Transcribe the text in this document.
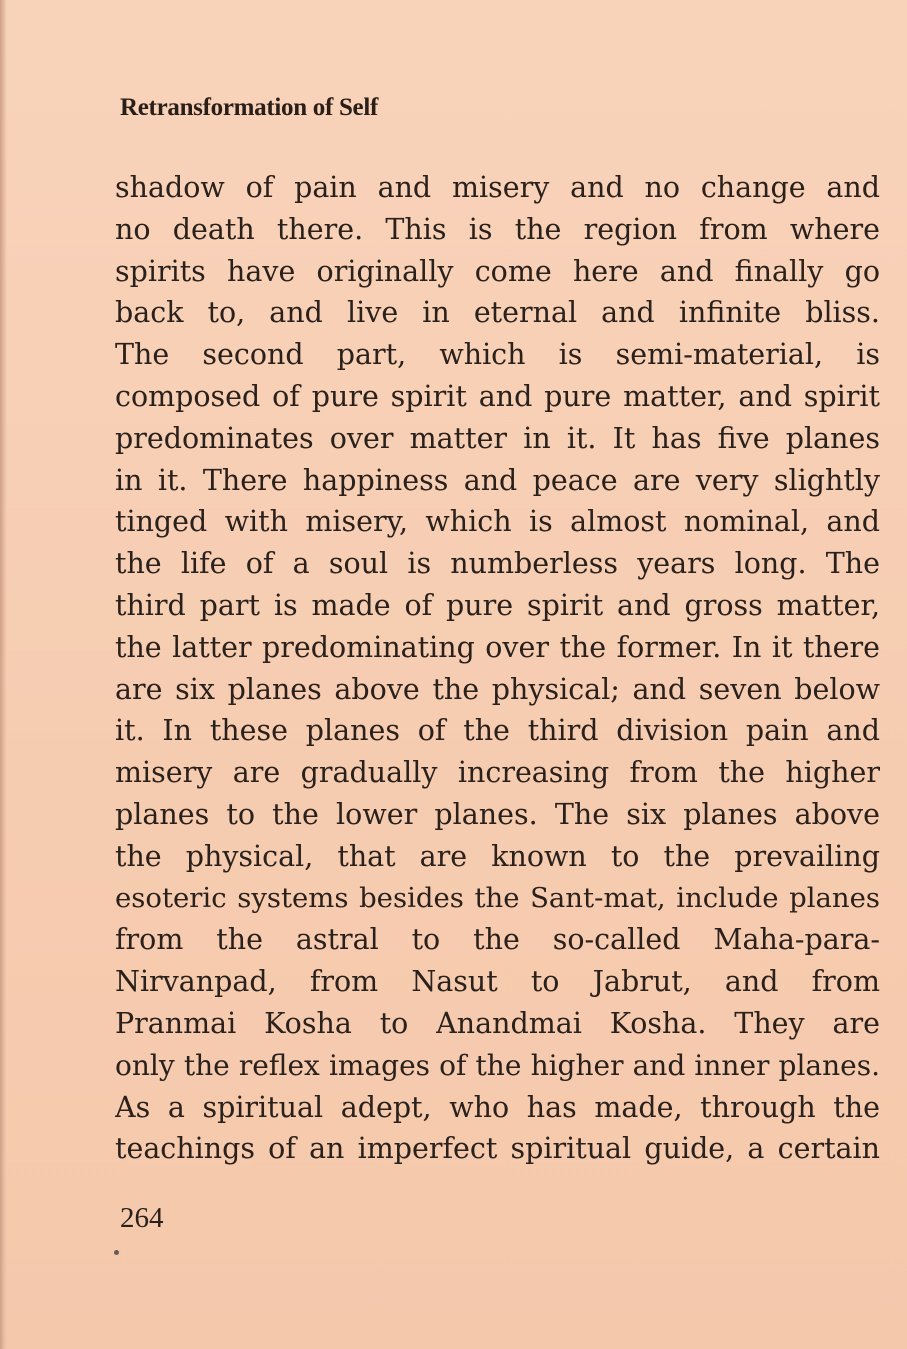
Retransformation of Self
shadow of pain and misery and no change and
no death there. This is the region from where
spirits have originally come here and finally go
back to, and live in eternal and infinite bliss.
The second part, which is semi-material, is
composed of pure spirit and pure matter, and spirit
predominates over matter in it. It has five planes
in it. There happiness and peace are very slightly
tinged with misery, which is almost nominal, and
the life of a soul is numberless years long. The
third part is made of pure spirit and gross matter,
the latter predominating over the former. In it there
are six planes above the physical; and seven below
it. In these planes of the third division pain and
misery are gradually increasing from the higher
planes to the lower planes. The six planes above
the physical, that are known to the prevailing
esoteric systems besides the Sant-mat, include planes
from the astral to the so-called Maha-para-
Nirvanpad, from Nasut to Jabrut, and from
Pranmai Kosha to Anandmai Kosha. They are
only the reflex images of the higher and inner planes.
As a spiritual adept, who has made, through the
teachings of an imperfect spiritual guide, a certain
264
